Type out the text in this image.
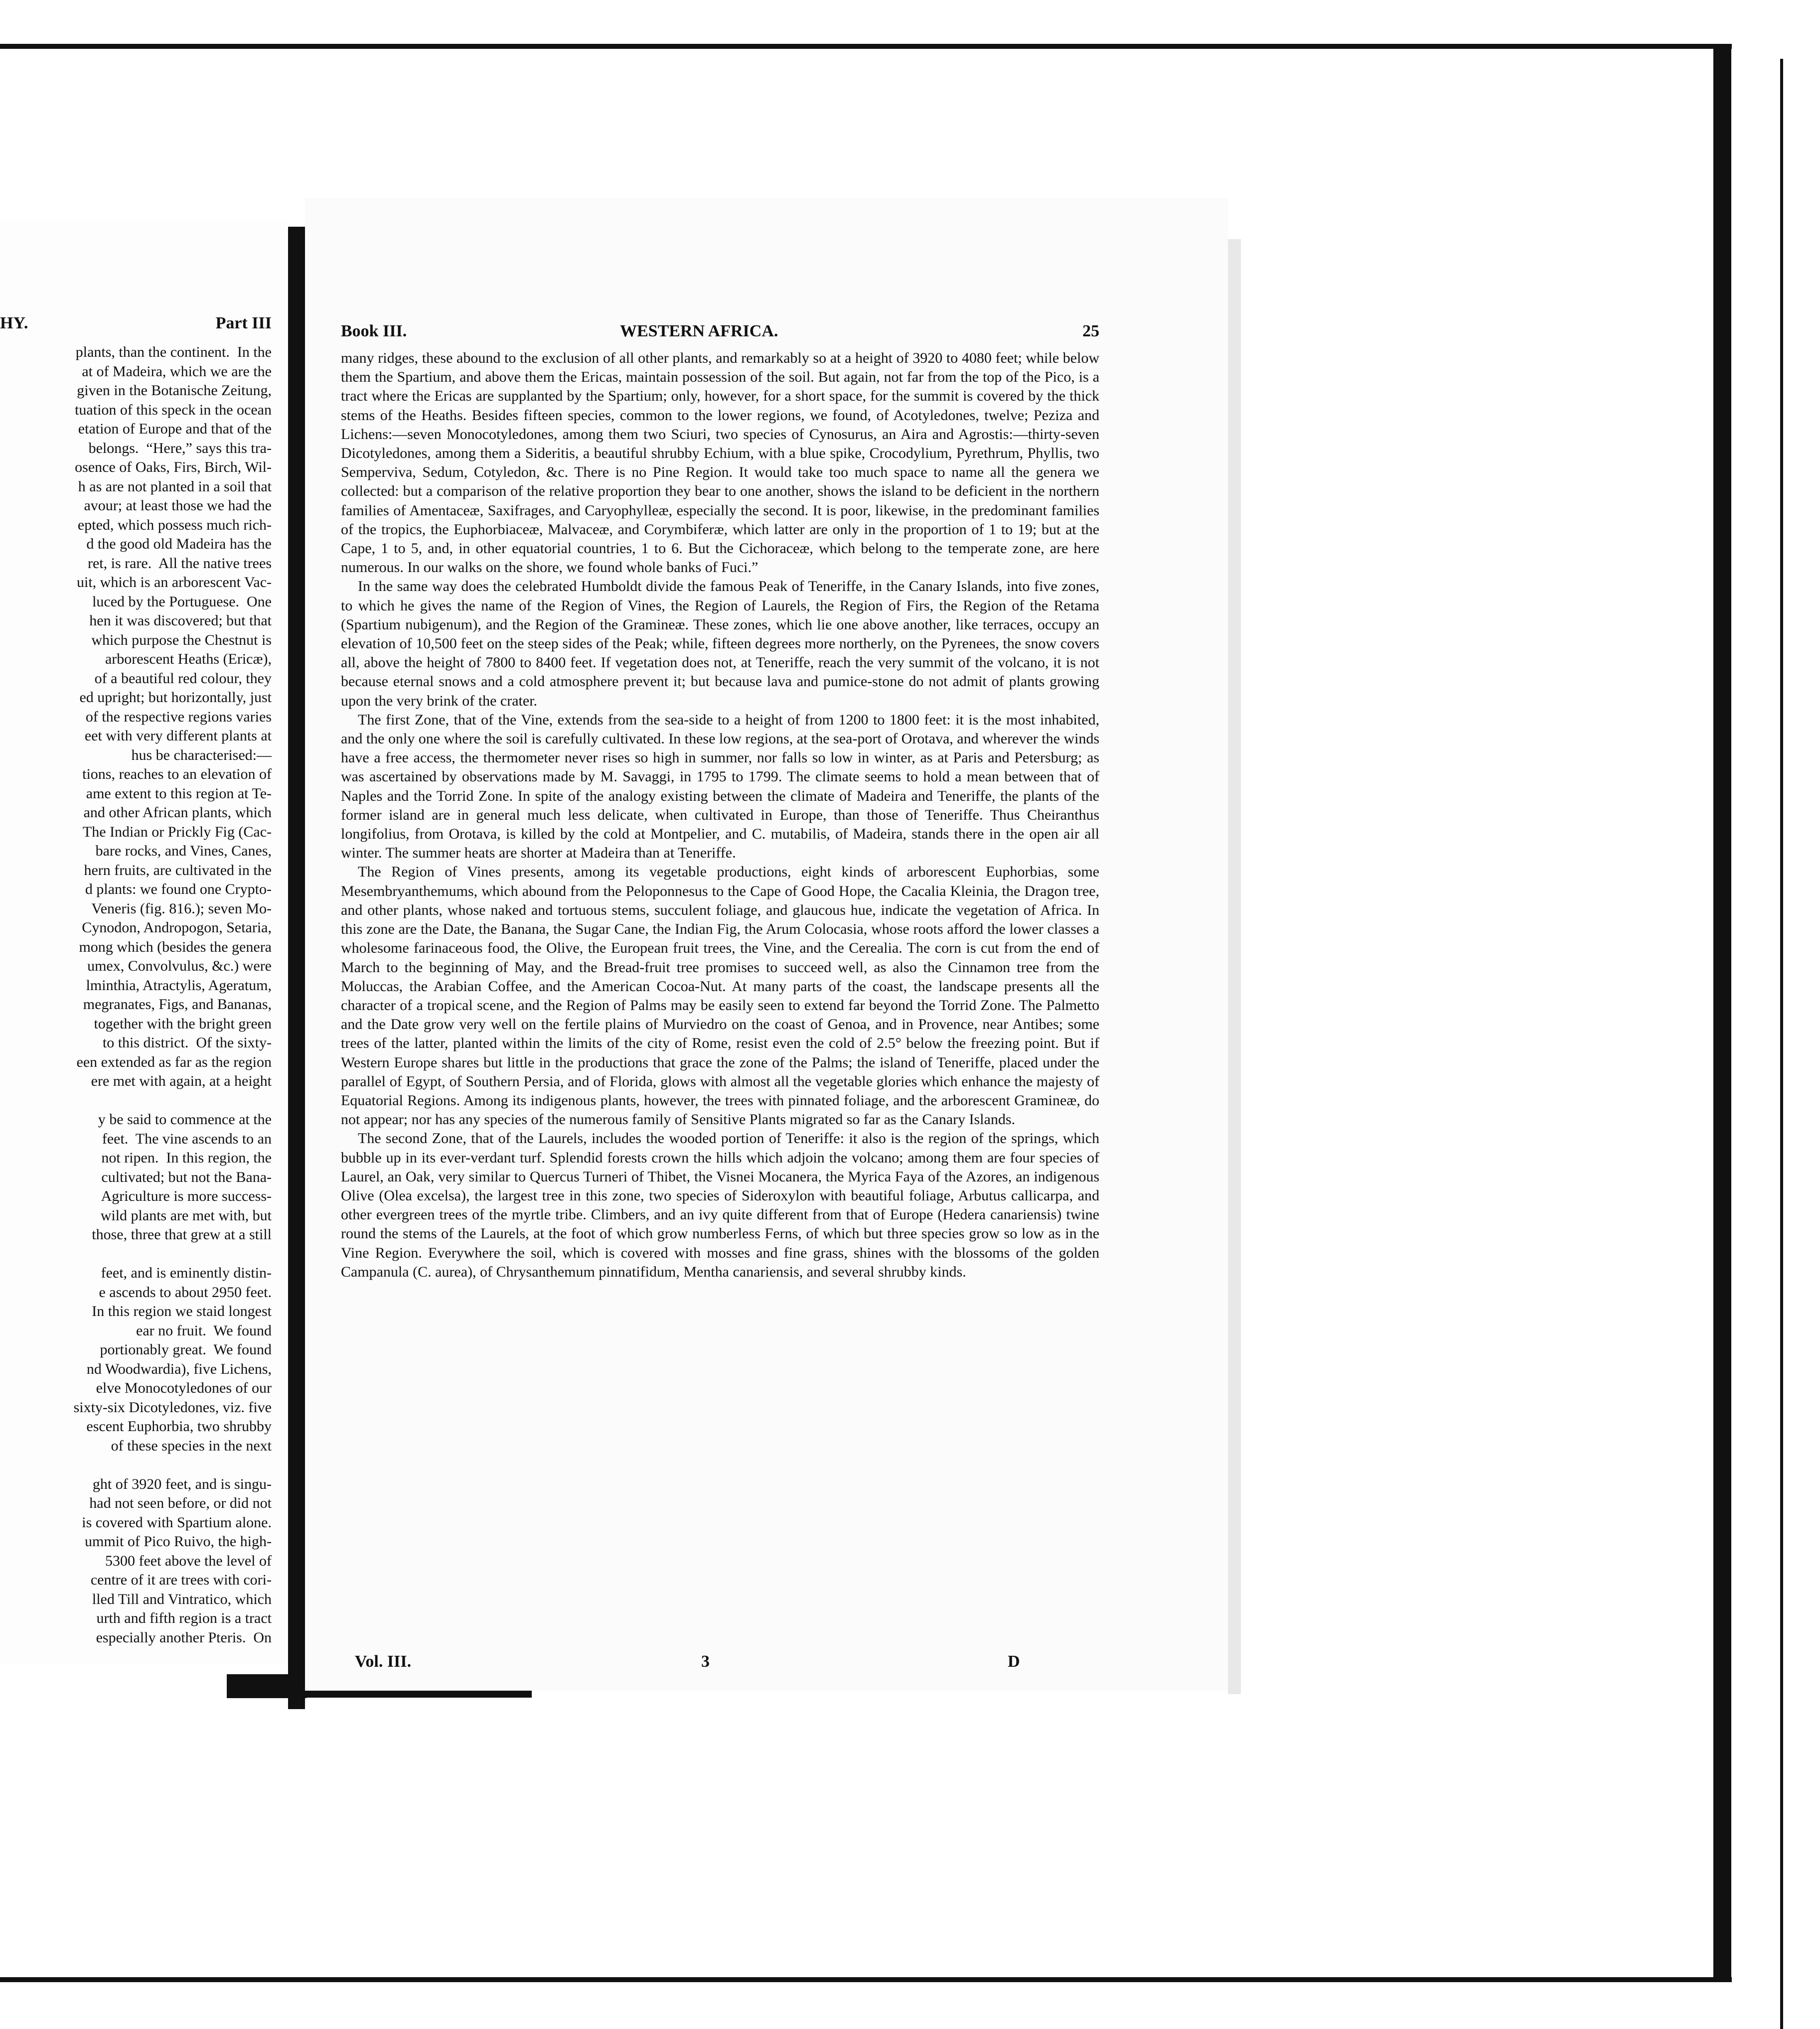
HY.	Part III
plants, than the continent.  In the
at of Madeira, which we are the
given in the Botanische Zeitung,
tuation of this speck in the ocean
etation of Europe and that of the
belongs.  “Here,” says this tra-
osence of Oaks, Firs, Birch, Wil-
h as are not planted in a soil that
avour; at least those we had the
epted, which possess much rich-
d the good old Madeira has the
ret, is rare.  All the native trees
uit, which is an arborescent Vac-
luced by the Portuguese.  One
hen it was discovered; but that
which purpose the Chestnut is
arborescent Heaths (Ericæ),
of a beautiful red colour, they
ed upright; but horizontally, just
of the respective regions varies
eet with very different plants at
hus be characterised:—
tions, reaches to an elevation of
ame extent to this region at Te-
and other African plants, which
The Indian or Prickly Fig (Cac-
bare rocks, and Vines, Canes,
hern fruits, are cultivated in the
d plants: we found one Crypto-
Veneris (fig. 816.); seven Mo-
Cynodon, Andropogon, Setaria,
mong which (besides the genera
umex, Convolvulus, &c.) were
lminthia, Atractylis, Ageratum,
megranates, Figs, and Bananas,
together with the bright green
to this district.  Of the sixty-
een extended as far as the region
ere met with again, at a height

y be said to commence at the
feet.  The vine ascends to an
not ripen.  In this region, the
cultivated; but not the Bana-
Agriculture is more success-
wild plants are met with, but
those, three that grew at a still

feet, and is eminently distin-
e ascends to about 2950 feet.
In this region we staid longest
ear no fruit.  We found
portionably great.  We found
nd Woodwardia), five Lichens,
elve Monocotyledones of our
sixty-six Dicotyledones, viz. five
escent Euphorbia, two shrubby
of these species in the next

ght of 3920 feet, and is singu-
had not seen before, or did not
is covered with Spartium alone.
ummit of Pico Ruivo, the high-
5300 feet above the level of
centre of it are trees with cori-
lled Till and Vintratico, which
urth and fifth region is a tract
especially another Pteris.  On
Book III.	WESTERN AFRICA.	25

many ridges, these abound to the exclusion of all other plants, and remarkably so at a height of 3920 to 4080 feet; while below them the Spartium, and above them the Ericas, maintain possession of the soil. But again, not far from the top of the Pico, is a tract where the Ericas are supplanted by the Spartium; only, however, for a short space, for the summit is covered by the thick stems of the Heaths. Besides fifteen species, common to the lower regions, we found, of Acotyledones, twelve; Peziza and Lichens:—seven Monocotyledones, among them two Sciuri, two species of Cynosurus, an Aira and Agrostis:—thirty-seven Dicotyledones, among them a Sideritis, a beautiful shrubby Echium, with a blue spike, Crocodylium, Pyrethrum, Phyllis, two Semperviva, Sedum, Cotyledon, &c. There is no Pine Region. It would take too much space to name all the genera we collected: but a comparison of the relative proportion they bear to one another, shows the island to be deficient in the northern families of Amentaceæ, Saxifrages, and Caryophylleæ, especially the second. It is poor, likewise, in the predominant families of the tropics, the Euphorbiaceæ, Malvaceæ, and Corymbiferæ, which latter are only in the proportion of 1 to 19; but at the Cape, 1 to 5, and, in other equatorial countries, 1 to 6. But the Cichoraceæ, which belong to the temperate zone, are here numerous. In our walks on the shore, we found whole banks of Fuci.”

In the same way does the celebrated Humboldt divide the famous Peak of Teneriffe, in the Canary Islands, into five zones, to which he gives the name of the Region of Vines, the Region of Laurels, the Region of Firs, the Region of the Retama (Spartium nubigenum), and the Region of the Gramineæ. These zones, which lie one above another, like terraces, occupy an elevation of 10,500 feet on the steep sides of the Peak; while, fifteen degrees more northerly, on the Pyrenees, the snow covers all, above the height of 7800 to 8400 feet. If vegetation does not, at Teneriffe, reach the very summit of the volcano, it is not because eternal snows and a cold atmosphere prevent it; but because lava and pumice-stone do not admit of plants growing upon the very brink of the crater.

The first Zone, that of the Vine, extends from the sea-side to a height of from 1200 to 1800 feet: it is the most inhabited, and the only one where the soil is carefully cultivated. In these low regions, at the sea-port of Orotava, and wherever the winds have a free access, the thermometer never rises so high in summer, nor falls so low in winter, as at Paris and Petersburg; as was ascertained by observations made by M. Savaggi, in 1795 to 1799. The climate seems to hold a mean between that of Naples and the Torrid Zone. In spite of the analogy existing between the climate of Madeira and Teneriffe, the plants of the former island are in general much less delicate, when cultivated in Europe, than those of Teneriffe. Thus Cheiranthus longifolius, from Orotava, is killed by the cold at Montpelier, and C. mutabilis, of Madeira, stands there in the open air all winter. The summer heats are shorter at Madeira than at Teneriffe.

The Region of Vines presents, among its vegetable productions, eight kinds of arborescent Euphorbias, some Mesembryanthemums, which abound from the Peloponnesus to the Cape of Good Hope, the Cacalia Kleinia, the Dragon tree, and other plants, whose naked and tortuous stems, succulent foliage, and glaucous hue, indicate the vegetation of Africa. In this zone are the Date, the Banana, the Sugar Cane, the Indian Fig, the Arum Colocasia, whose roots afford the lower classes a wholesome farinaceous food, the Olive, the European fruit trees, the Vine, and the Cerealia. The corn is cut from the end of March to the beginning of May, and the Bread-fruit tree promises to succeed well, as also the Cinnamon tree from the Moluccas, the Arabian Coffee, and the American Cocoa-Nut. At many parts of the coast, the landscape presents all the character of a tropical scene, and the Region of Palms may be easily seen to extend far beyond the Torrid Zone. The Palmetto and the Date grow very well on the fertile plains of Murviedro on the coast of Genoa, and in Provence, near Antibes; some trees of the latter, planted within the limits of the city of Rome, resist even the cold of 2.5° below the freezing point. But if Western Europe shares but little in the productions that grace the zone of the Palms; the island of Teneriffe, placed under the parallel of Egypt, of Southern Persia, and of Florida, glows with almost all the vegetable glories which enhance the majesty of Equatorial Regions. Among its indigenous plants, however, the trees with pinnated foliage, and the arborescent Gramineæ, do not appear; nor has any species of the numerous family of Sensitive Plants migrated so far as the Canary Islands.

The second Zone, that of the Laurels, includes the wooded portion of Teneriffe: it also is the region of the springs, which bubble up in its ever-verdant turf. Splendid forests crown the hills which adjoin the volcano; among them are four species of Laurel, an Oak, very similar to Quercus Turneri of Thibet, the Visnei Mocanera, the Myrica Faya of the Azores, an indigenous Olive (Olea excelsa), the largest tree in this zone, two species of Sideroxylon with beautiful foliage, Arbutus callicarpa, and other evergreen trees of the myrtle tribe. Climbers, and an ivy quite different from that of Europe (Hedera canariensis) twine round the stems of the Laurels, at the foot of which grow numberless Ferns, of which but three species grow so low as in the Vine Region. Everywhere the soil, which is covered with mosses and fine grass, shines with the blossoms of the golden Campanula (C. aurea), of Chrysanthemum pinnatifidum, Mentha canariensis, and several shrubby kinds.

Vol. III.	3	D
